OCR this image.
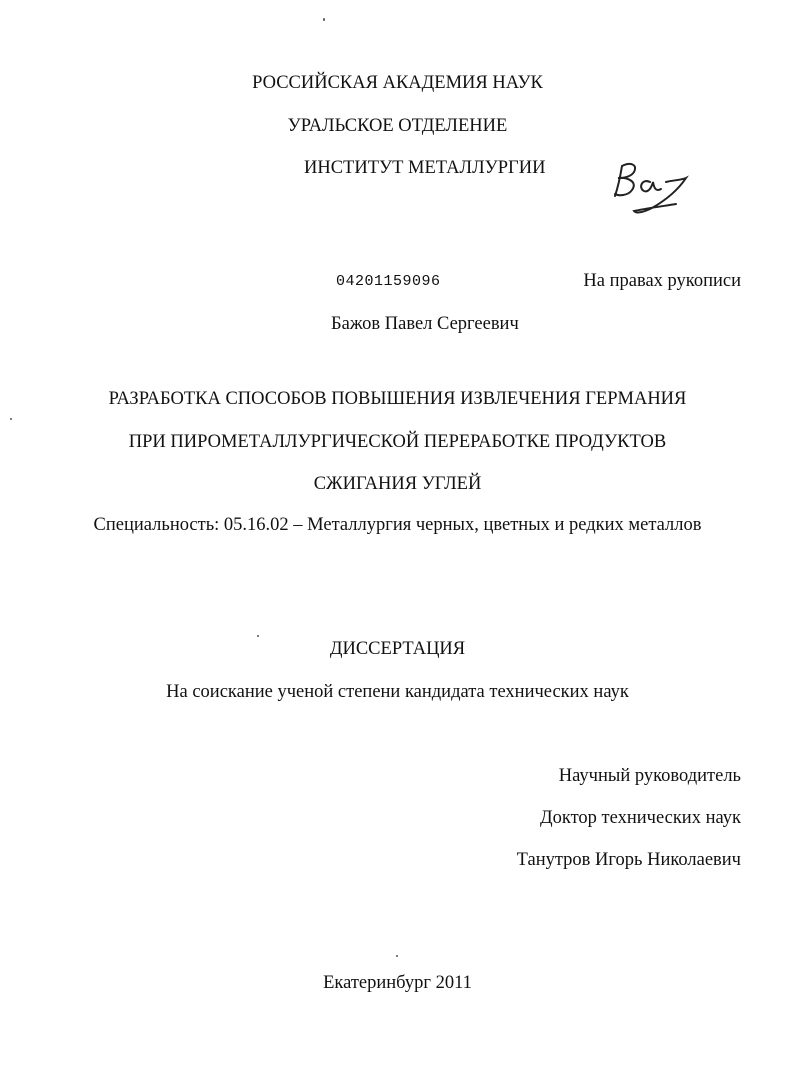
РОССИЙСКАЯ АКАДЕМИЯ НАУК
УРАЛЬСКОЕ ОТДЕЛЕНИЕ
ИНСТИТУТ МЕТАЛЛУРГИИ
04201159096	На правах рукописи
Бажов Павел Сергеевич
РАЗРАБОТКА СПОСОБОВ ПОВЫШЕНИЯ ИЗВЛЕЧЕНИЯ ГЕРМАНИЯ
ПРИ ПИРОМЕТАЛЛУРГИЧЕСКОЙ ПЕРЕРАБОТКЕ ПРОДУКТОВ
СЖИГАНИЯ УГЛЕЙ
Специальность: 05.16.02 – Металлургия черных, цветных и редких металлов
ДИССЕРТАЦИЯ
На соискание ученой степени кандидата технических наук
Научный руководитель
Доктор технических наук
Танутров Игорь Николаевич
Екатеринбург 2011
